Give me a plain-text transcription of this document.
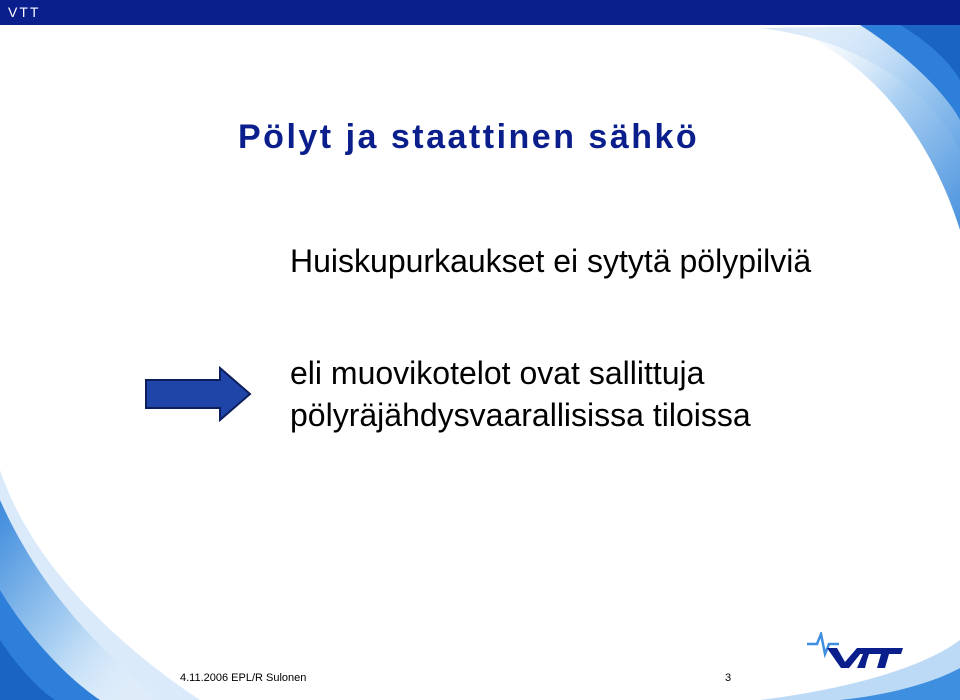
VTT
Pölyt ja staattinen sähkö
Huiskupurkaukset ei sytytä pölypilviä
eli muovikotelot ovat sallittuja
pölyräjähdysvaarallisissa tiloissa
4.11.2006 EPL/R Sulonen	3
